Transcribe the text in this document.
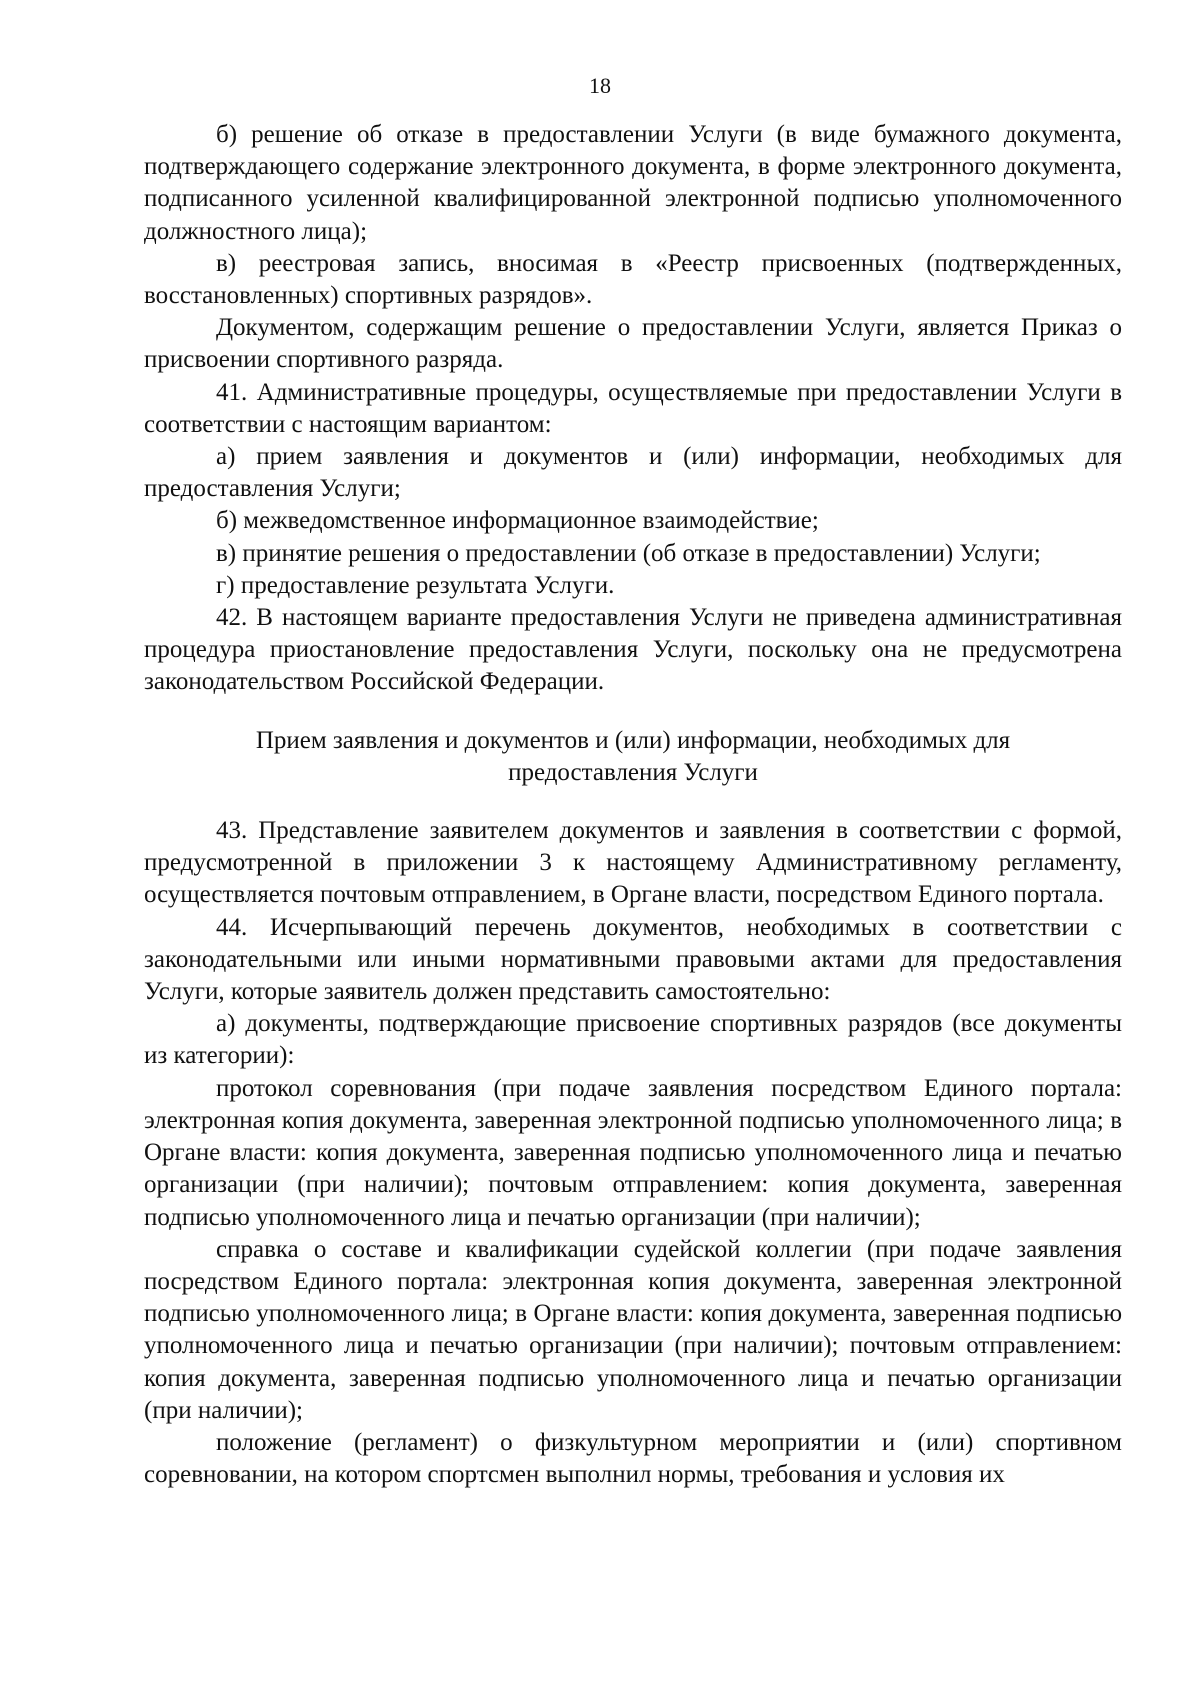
18

б) решение об отказе в предоставлении Услуги (в виде бумажного документа, подтверждающего содержание электронного документа, в форме электронного документа, подписанного усиленной квалифицированной электронной подписью уполномоченного должностного лица);

в) реестровая запись, вносимая в «Реестр присвоенных (подтвержденных, восстановленных) спортивных разрядов».

Документом, содержащим решение о предоставлении Услуги, является Приказ о присвоении спортивного разряда.

41. Административные процедуры, осуществляемые при предоставлении Услуги в соответствии с настоящим вариантом:

а) прием заявления и документов и (или) информации, необходимых для предоставления Услуги;

б) межведомственное информационное взаимодействие;

в) принятие решения о предоставлении (об отказе в предоставлении) Услуги;

г) предоставление результата Услуги.

42. В настоящем варианте предоставления Услуги не приведена административная процедура приостановление предоставления Услуги, поскольку она не предусмотрена законодательством Российской Федерации.

Прием заявления и документов и (или) информации, необходимых для предоставления Услуги

43. Представление заявителем документов и заявления в соответствии с формой, предусмотренной в приложении 3 к настоящему Административному регламенту, осуществляется почтовым отправлением, в Органе власти, посредством Единого портала.

44. Исчерпывающий перечень документов, необходимых в соответствии с законодательными или иными нормативными правовыми актами для предоставления Услуги, которые заявитель должен представить самостоятельно:

а) документы, подтверждающие присвоение спортивных разрядов (все документы из категории):

протокол соревнования (при подаче заявления посредством Единого портала: электронная копия документа, заверенная электронной подписью уполномоченного лица; в Органе власти: копия документа, заверенная подписью уполномоченного лица и печатью организации (при наличии); почтовым отправлением: копия документа, заверенная подписью уполномоченного лица и печатью организации (при наличии);

справка о составе и квалификации судейской коллегии (при подаче заявления посредством Единого портала: электронная копия документа, заверенная электронной подписью уполномоченного лица; в Органе власти: копия документа, заверенная подписью уполномоченного лица и печатью организации (при наличии); почтовым отправлением: копия документа, заверенная подписью уполномоченного лица и печатью организации (при наличии);

положение (регламент) о физкультурном мероприятии и (или) спортивном соревновании, на котором спортсмен выполнил нормы, требования и условия их
